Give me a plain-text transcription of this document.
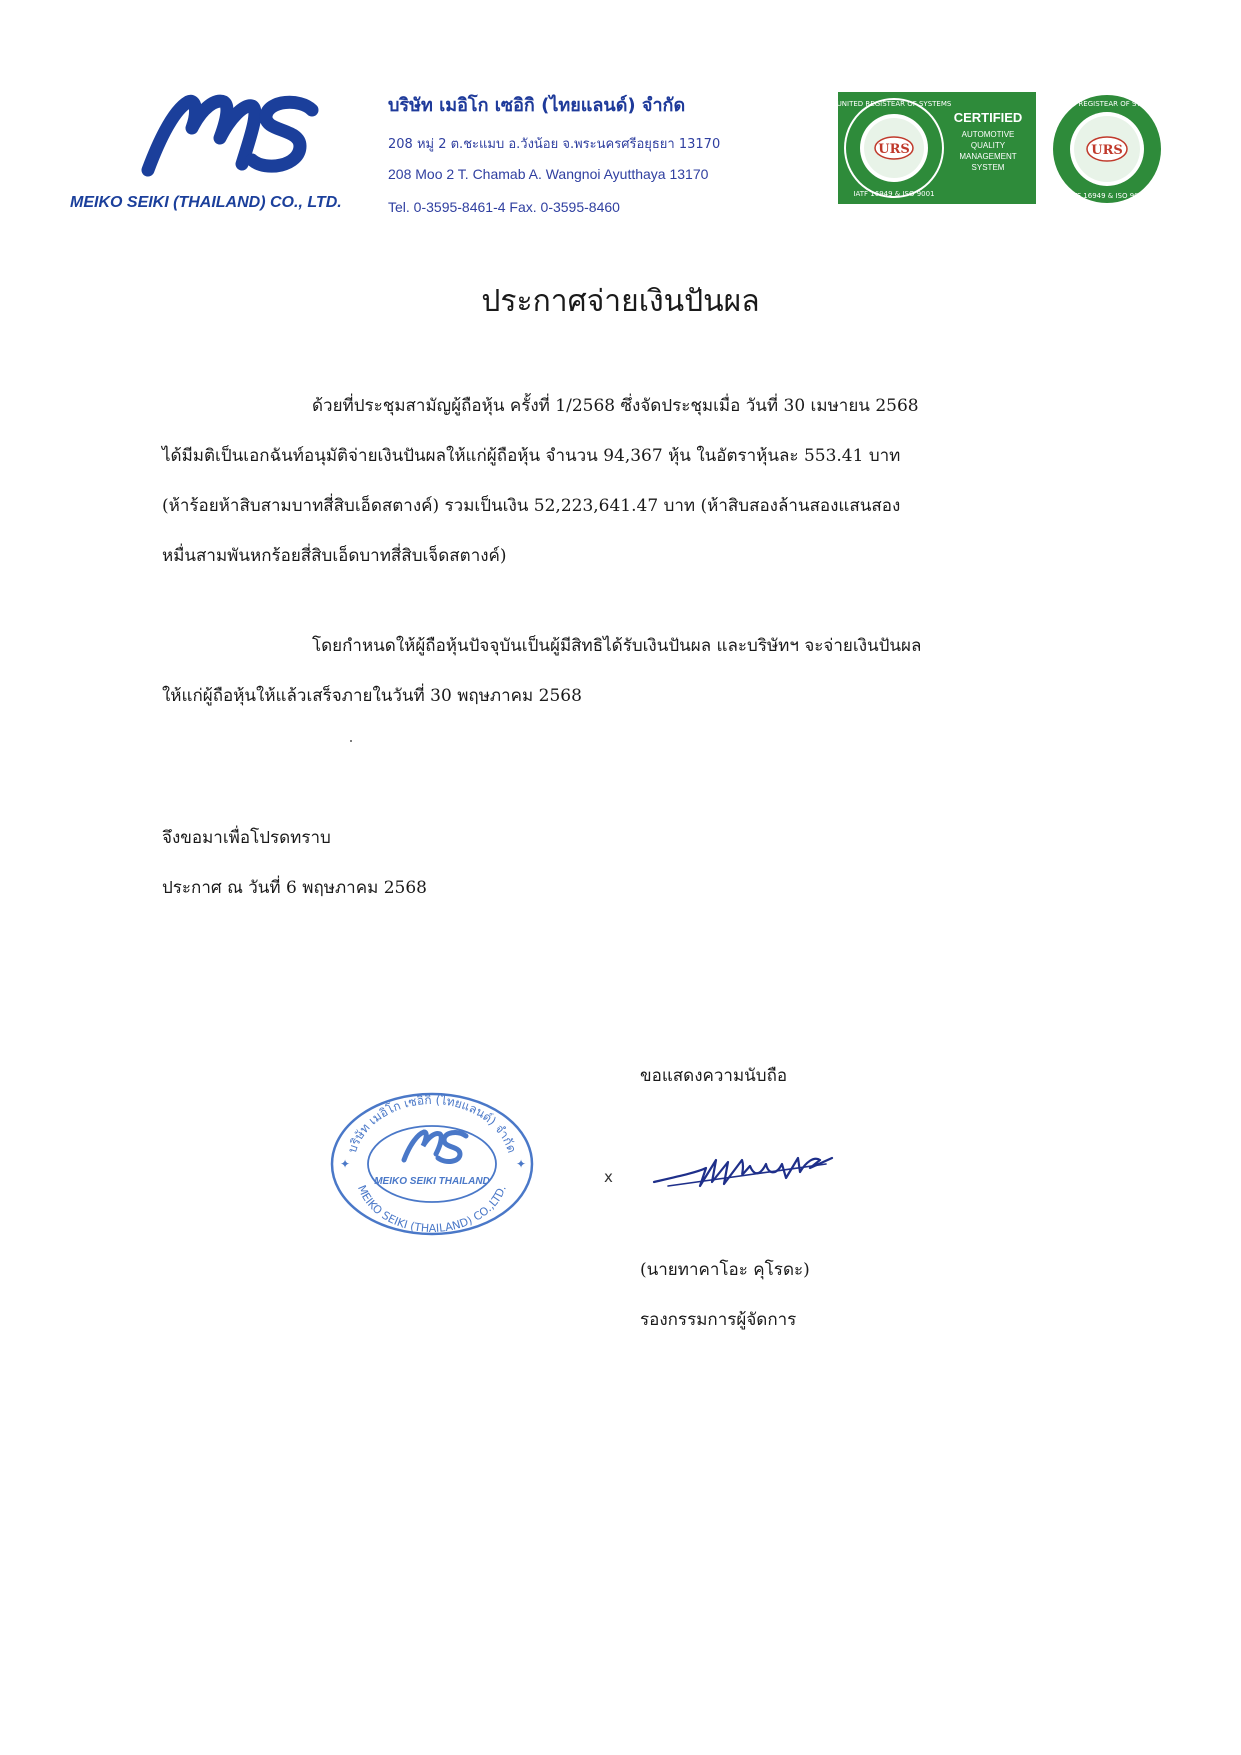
MEIKO SEIKI (THAILAND) CO., LTD.
บริษัท เมอิโก เซอิกิ (ไทยแลนด์) จำกัด
208 หมู่ 2 ต.ชะแมบ อ.วังน้อย จ.พระนครศรีอยุธยา 13170
208 Moo 2 T. Chamab A. Wangnoi Ayutthaya 13170
Tel. 0-3595-8461-4 Fax. 0-3595-8460
URS
UNITED REGISTEAR OF SYSTEMS
IATF 16949 & ISO 9001
CERTIFIED
AUTOMOTIVE
QUALITY
MANAGEMENT
SYSTEM
URS
UNITED REGISTEAR OF SYSTEMS
IATF 16949 & ISO 9001
ประกาศจ่ายเงินปันผล
ด้วยที่ประชุมสามัญผู้ถือหุ้น ครั้งที่ 1/2568 ซึ่งจัดประชุมเมื่อ วันที่ 30 เมษายน 2568
ได้มีมติเป็นเอกฉันท์อนุมัติจ่ายเงินปันผลให้แก่ผู้ถือหุ้น จำนวน 94,367 หุ้น ในอัตราหุ้นละ 553.41 บาท
(ห้าร้อยห้าสิบสามบาทสี่สิบเอ็ดสตางค์) รวมเป็นเงิน 52,223,641.47 บาท (ห้าสิบสองล้านสองแสนสอง
หมื่นสามพันหกร้อยสี่สิบเอ็ดบาทสี่สิบเจ็ดสตางค์)
โดยกำหนดให้ผู้ถือหุ้นปัจจุบันเป็นผู้มีสิทธิได้รับเงินปันผล และบริษัทฯ จะจ่ายเงินปันผล
ให้แก่ผู้ถือหุ้นให้แล้วเสร็จภายในวันที่ 30 พฤษภาคม 2568
จึงขอมาเพื่อโปรดทราบ
ประกาศ ณ วันที่ 6 พฤษภาคม 2568
ขอแสดงความนับถือ
บริษัท เมอิโก เซอิกิ (ไทยแลนด์) จำกัด
MEIKO SEIKI (THAILAND) CO.,LTD.
MEIKO SEIKI THAILAND
✦	✦
x
(นายทาคาโอะ คุโรดะ)
รองกรรมการผู้จัดการ
